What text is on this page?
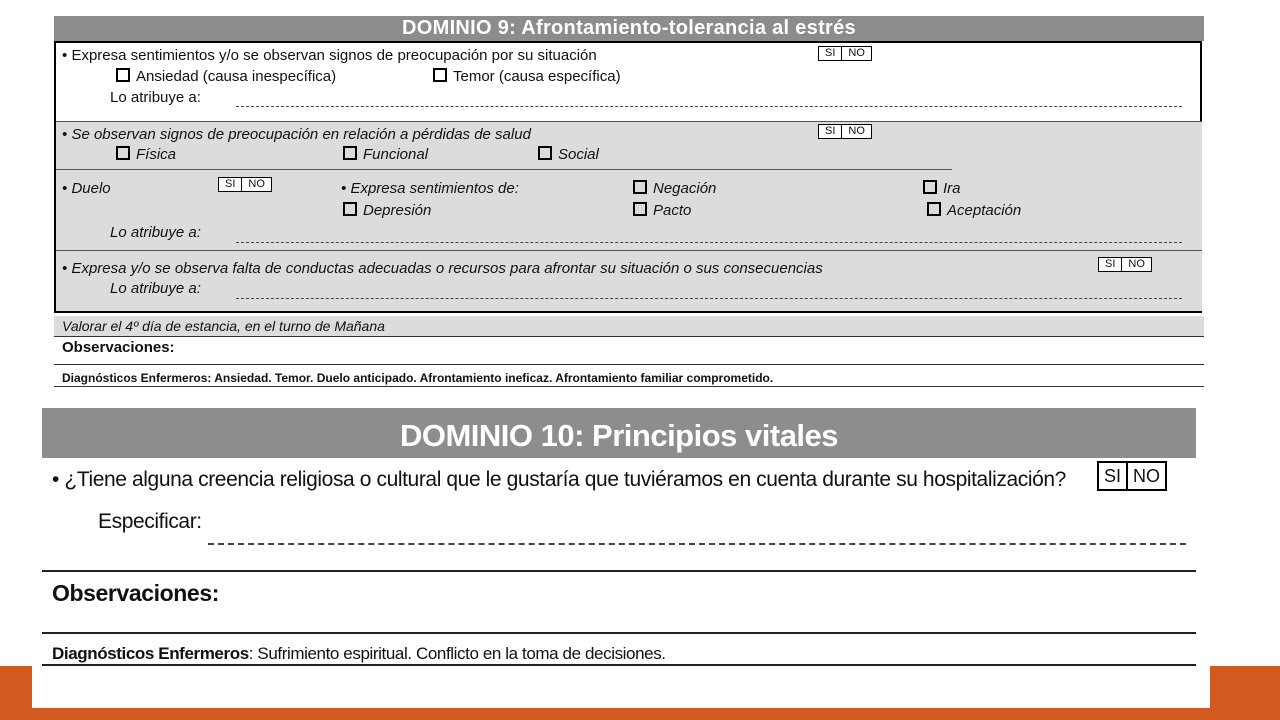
DOMINIO 9: Afrontamiento-tolerancia al estrés
• Expresa sentimientos y/o se observan signos de preocupación por su situación	SI	NO
Ansiedad (causa inespecífica)	Temor (causa específica)
Lo atribuye a:
• Se observan signos de preocupación en relación a pérdidas de salud	SI	NO
Física	Funcional	Social
• Duelo	SI	NO	• Expresa sentimientos de:	Negación	Ira
Depresión	Pacto	Aceptación
Lo atribuye a:
• Expresa y/o se observa falta de conductas adecuadas o recursos para afrontar su situación o sus consecuencias	SI	NO
Lo atribuye a:
Valorar el 4º día de estancia, en el turno de Mañana
Observaciones:
Diagnósticos Enfermeros: Ansiedad. Temor. Duelo anticipado. Afrontamiento ineficaz. Afrontamiento familiar comprometido.
DOMINIO 10: Principios vitales
• ¿Tiene alguna creencia religiosa o cultural que le gustaría que tuviéramos en cuenta durante su hospitalización? SI NO
Especificar:
Observaciones:
Diagnósticos Enfermeros: Sufrimiento espiritual. Conflicto en la toma de decisiones.
